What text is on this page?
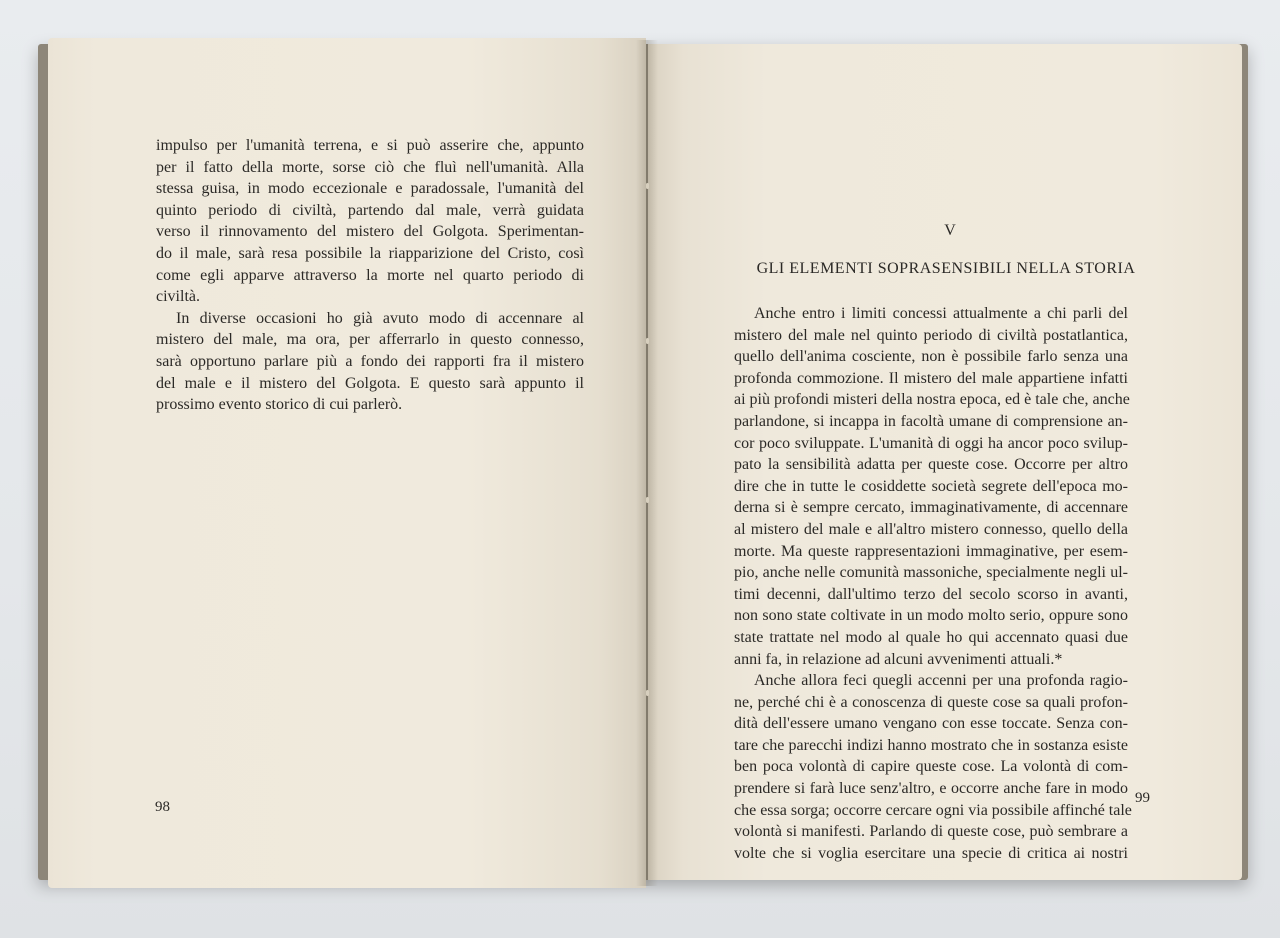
impulso per l'umanità terrena, e si può asserire che, appunto
per il fatto della morte, sorse ciò che fluì nell'umanità. Alla
stessa guisa, in modo eccezionale e paradossale, l'umanità del
quinto periodo di civiltà, partendo dal male, verrà guidata
verso il rinnovamento del mistero del Golgota. Sperimentan-
do il male, sarà resa possibile la riapparizione del Cristo, così
come egli apparve attraverso la morte nel quarto periodo di
civiltà.
In diverse occasioni ho già avuto modo di accennare al
mistero del male, ma ora, per afferrarlo in questo connesso,
sarà opportuno parlare più a fondo dei rapporti fra il mistero
del male e il mistero del Golgota. E questo sarà appunto il
prossimo evento storico di cui parlerò.
98
V
GLI ELEMENTI SOPRASENSIBILI NELLA STORIA
Anche entro i limiti concessi attualmente a chi parli del
mistero del male nel quinto periodo di civiltà postatlantica,
quello dell'anima cosciente, non è possibile farlo senza una
profonda commozione. Il mistero del male appartiene infatti
ai più profondi misteri della nostra epoca, ed è tale che, anche
parlandone, si incappa in facoltà umane di comprensione an-
cor poco sviluppate. L'umanità di oggi ha ancor poco svilup-
pato la sensibilità adatta per queste cose. Occorre per altro
dire che in tutte le cosiddette società segrete dell'epoca mo-
derna si è sempre cercato, immaginativamente, di accennare
al mistero del male e all'altro mistero connesso, quello della
morte. Ma queste rappresentazioni immaginative, per esem-
pio, anche nelle comunità massoniche, specialmente negli ul-
timi decenni, dall'ultimo terzo del secolo scorso in avanti,
non sono state coltivate in un modo molto serio, oppure sono
state trattate nel modo al quale ho qui accennato quasi due
anni fa, in relazione ad alcuni avvenimenti attuali.*
Anche allora feci quegli accenni per una profonda ragio-
ne, perché chi è a conoscenza di queste cose sa quali profon-
dità dell'essere umano vengano con esse toccate. Senza con-
tare che parecchi indizi hanno mostrato che in sostanza esiste
ben poca volontà di capire queste cose. La volontà di com-
prendere si farà luce senz'altro, e occorre anche fare in modo
che essa sorga; occorre cercare ogni via possibile affinché tale
volontà si manifesti. Parlando di queste cose, può sembrare a
volte che si voglia esercitare una specie di critica ai nostri
99
